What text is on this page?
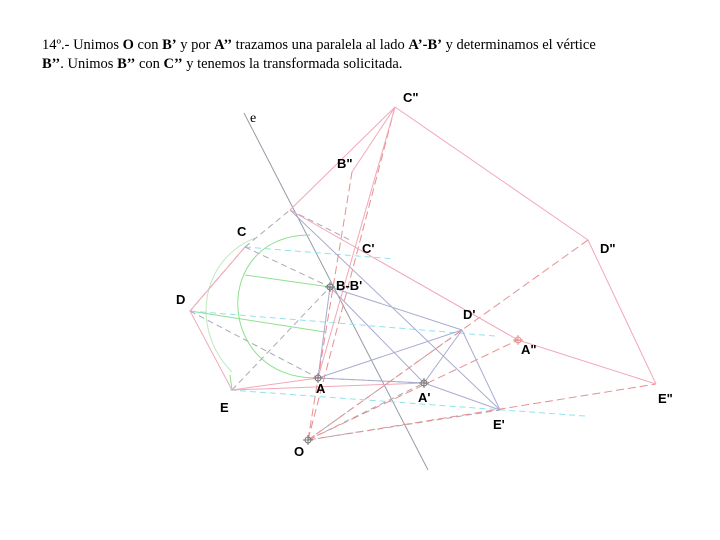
14º.- Unimos O con B’ y por A’’ trazamos una paralela al lado A’-B’ y determinamos el vértice
B’’. Unimos B’’ con C’’ y tenemos la transformada solicitada.
e
C"
B"
C
C'
B-B'
D
D'
D"
A"
A
A'
E
E'
E"
O
